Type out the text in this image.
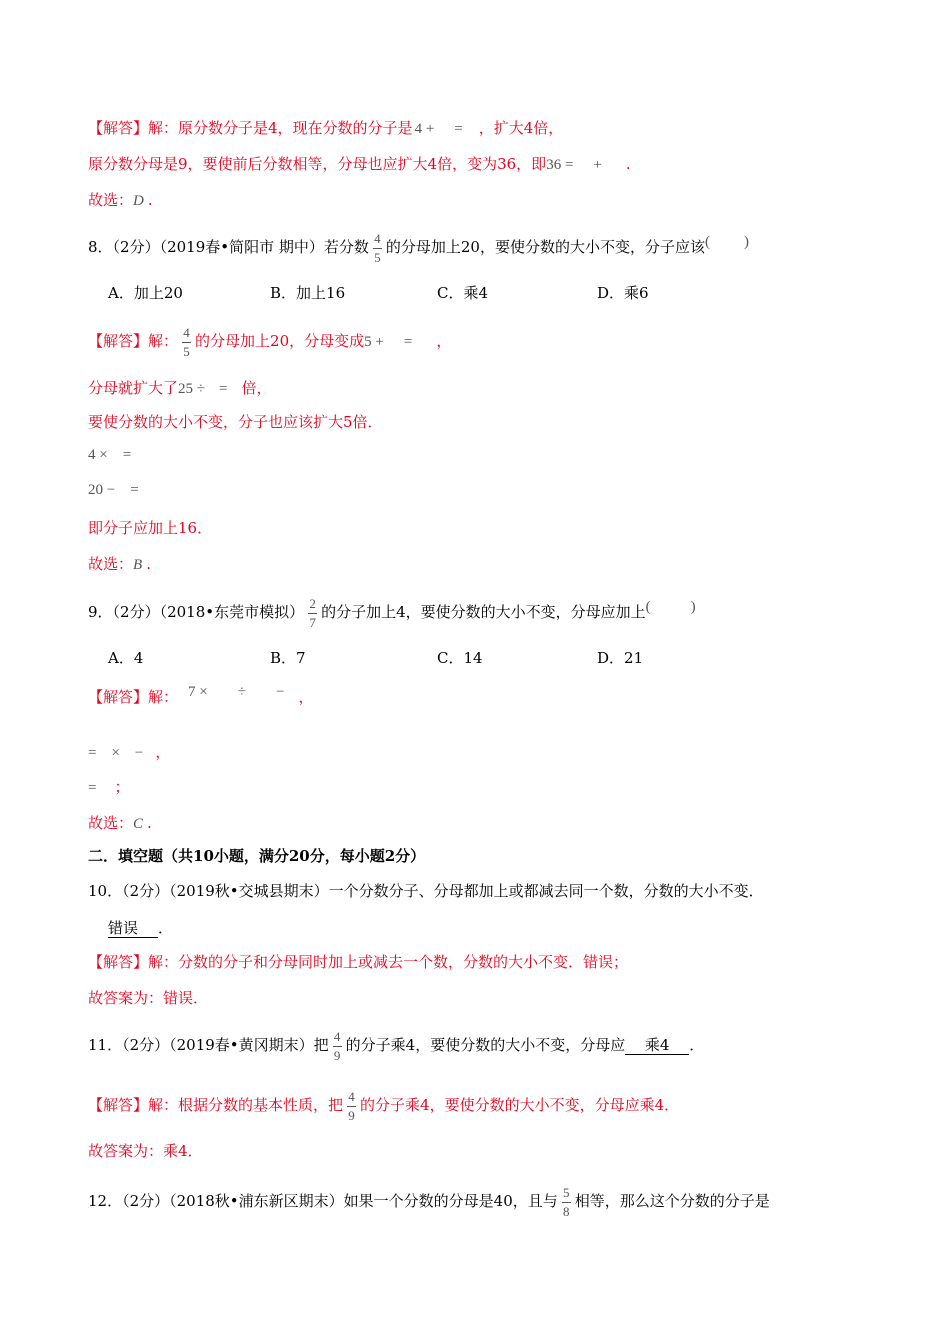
【解答】解：原分数分子是4，现在分数的分子是 4 + = ，扩大4倍，
原分数分母是9，要使前后分数相等，分母也应扩大4倍，变为36，即36 = + .
故选：D .
8．（2分）（2019春•简阳市 期中）若分数 $\frac{4}{5}$ 的分母加上20，要使分数的大小不变，分子应该( )
A．加上20	B．加上16	C．乘4	D．乘6
【解答】解： $\frac{4}{5}$ 的分母加上20，分母变成5 + = ，
分母就扩大了25 ÷ = 倍，
要使分数的大小不变，分子也应该扩大5倍．
4 ×　=
20 −　=
即分子应加上16．
故选：B .
9．（2分）（2018•东莞市模拟） $\frac{2}{7}$ 的分子加上4，要使分数的大小不变，分母应加上(	)
A．4	B．7	C．14	D．21
【解答】解： 7 ×　　÷　　− ，
=　×　− ，
= ；
故选：C .
二．填空题（共10小题，满分20分，每小题2分）
10．（2分）（2019秋•交城县期末）一个分数分子、分母都加上或都减去同一个数，分数的大小不变．
错误 ．
【解答】解：分数的分子和分母同时加上或减去一个数，分数的大小不变．错误；
故答案为：错误．
11．（2分）（2019春•黄冈期末）把 $\frac{4}{9}$ 的分子乘4，要使分数的大小不变，分母应 乘4 ．
【解答】解：根据分数的基本性质，把 $\frac{4}{9}$ 的分子乘4，要使分数的大小不变，分母应乘4．
故答案为：乘4．
12．（2分）（2018秋•浦东新区期末）如果一个分数的分母是40，且与 $\frac{5}{8}$ 相等，那么这个分数的分子是
